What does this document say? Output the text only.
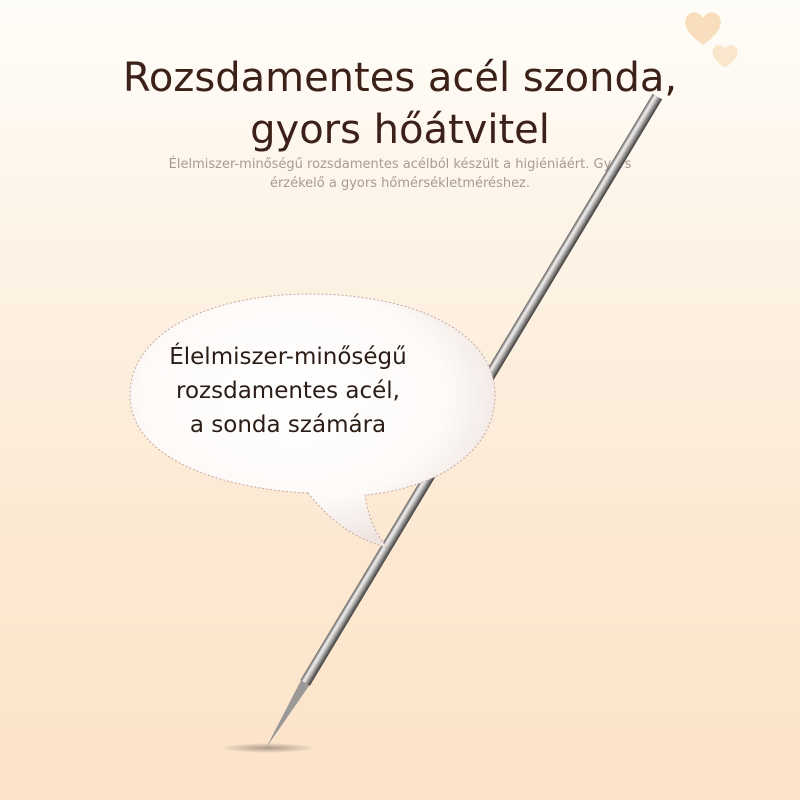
Rozsdamentes acél szonda,
gyors hőátvitel
Élelmiszer-minőségű rozsdamentes acélból készült a higiéniáért. Gyors
érzékelő a gyors hőmérsékletméréshez.
Élelmiszer-minőségű
rozsdamentes acél,
a sonda számára
